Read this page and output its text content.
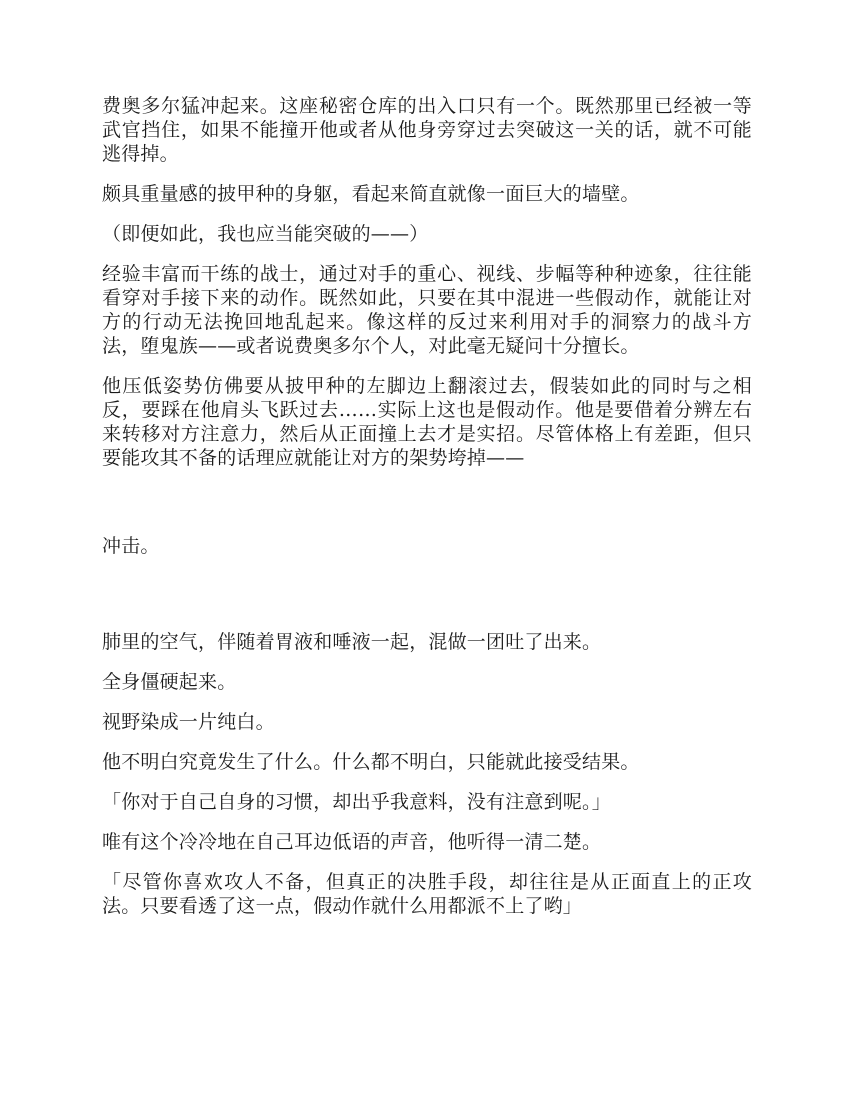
费奥多尔猛冲起来。这座秘密仓库的出入口只有一个。既然那里已经被一等武官挡住，如果不能撞开他或者从他身旁穿过去突破这一关的话，就不可能逃得掉。

颇具重量感的披甲种的身躯，看起来简直就像一面巨大的墙壁。

（即便如此，我也应当能突破的——）

经验丰富而干练的战士，通过对手的重心、视线、步幅等种种迹象，往往能看穿对手接下来的动作。既然如此，只要在其中混进一些假动作，就能让对方的行动无法挽回地乱起来。像这样的反过来利用对手的洞察力的战斗方法，堕鬼族——或者说费奥多尔个人，对此毫无疑问十分擅长。

他压低姿势仿佛要从披甲种的左脚边上翻滚过去，假装如此的同时与之相反，要踩在他肩头飞跃过去……实际上这也是假动作。他是要借着分辨左右来转移对方注意力，然后从正面撞上去才是实招。尽管体格上有差距，但只要能攻其不备的话理应就能让对方的架势垮掉——

冲击。

肺里的空气，伴随着胃液和唾液一起，混做一团吐了出来。

全身僵硬起来。

视野染成一片纯白。

他不明白究竟发生了什么。什么都不明白，只能就此接受结果。

「你对于自己自身的习惯，却出乎我意料，没有注意到呢。」

唯有这个冷冷地在自己耳边低语的声音，他听得一清二楚。

「尽管你喜欢攻人不备，但真正的决胜手段，却往往是从正面直上的正攻法。只要看透了这一点，假动作就什么用都派不上了哟」
